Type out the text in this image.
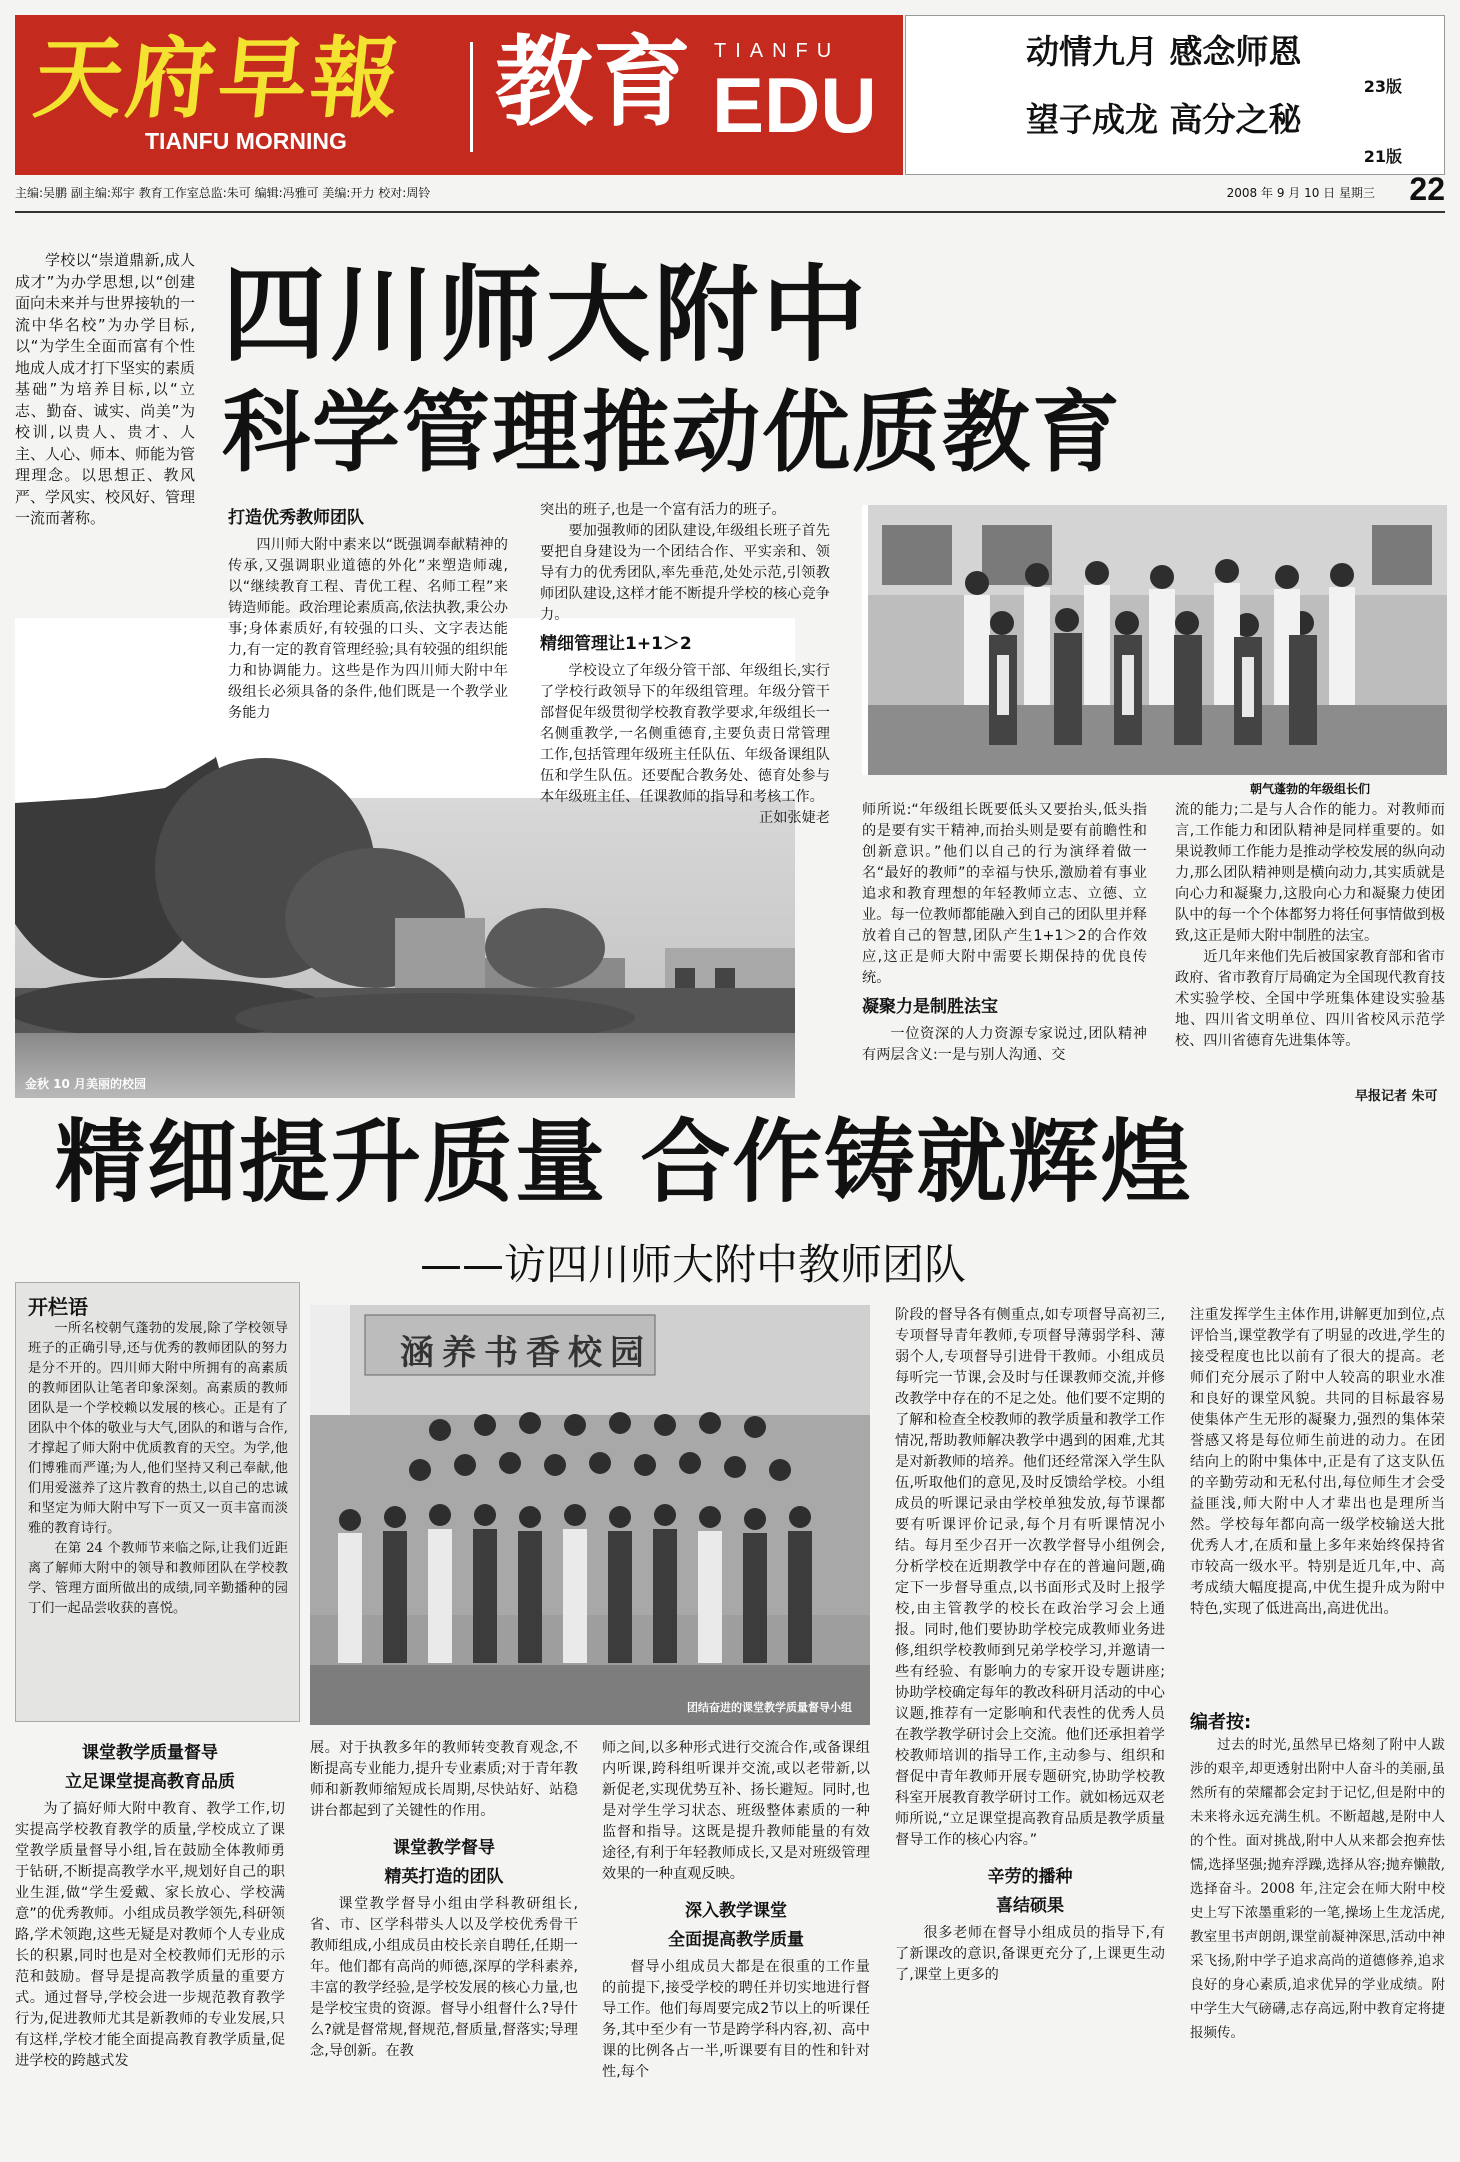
天府早報
TIANFU MORNING
教育 TIANFU
EDU
动情九月 感念师恩
23版
望子成龙 高分之秘
21版
主编:吴鹏 副主编:郑宇 教育工作室总监:朱可 编辑:冯雅可 美编:开力 校对:周铃	2008 年 9 月 10 日 星期三 22

学校以“崇道鼎新,成人成才”为办学思想,以“创建面向未来并与世界接轨的一流中华名校”为办学目标,以“为学生全面而富有个性地成人成才打下坚实的素质基础”为培养目标,以“立志、勤奋、诚实、尚美”为校训,以贵人、贵才、人主、人心、师本、师能为管理理念。以思想正、教风严、学风实、校风好、管理一流而著称。

四川师大附中
科学管理推动优质教育
金秋 10 月美丽的校园
打造优秀教师团队

四川师大附中素来以“既强调奉献精神的传承,又强调职业道德的外化”来塑造师魂,以“继续教育工程、青优工程、名师工程”来铸造师能。政治理论素质高,依法执教,秉公办事;身体素质好,有较强的口头、文字表达能力,有一定的教育管理经验;具有较强的组织能力和协调能力。这些是作为四川师大附中年级组长必须具备的条件,他们既是一个教学业务能力

突出的班子,也是一个富有活力的班子。

要加强教师的团队建设,年级组长班子首先要把自身建设为一个团结合作、平实亲和、领导有力的优秀团队,率先垂范,处处示范,引领教师团队建设,这样才能不断提升学校的核心竞争力。

精细管理让1+1＞2

学校设立了年级分管干部、年级组长,实行了学校行政领导下的年级组管理。年级分管干部督促年级贯彻学校教育教学要求,年级组长一名侧重教学,一名侧重德育,主要负责日常管理工作,包括管理年级班主任队伍、年级备课组队伍和学生队伍。还要配合教务处、德育处参与本年级班主任、任课教师的指导和考核工作。

正如张婕老

朝气蓬勃的年级组长们

师所说:“年级组长既要低头又要抬头,低头指的是要有实干精神,而抬头则是要有前瞻性和创新意识。”他们以自己的行为演绎着做一名“最好的教师”的幸福与快乐,激励着有事业追求和教育理想的年轻教师立志、立德、立业。每一位教师都能融入到自己的团队里并释放着自己的智慧,团队产生1+1＞2的合作效应,这正是师大附中需要长期保持的优良传统。

凝聚力是制胜法宝

一位资深的人力资源专家说过,团队精神有两层含义:一是与别人沟通、交

流的能力;二是与人合作的能力。对教师而言,工作能力和团队精神是同样重要的。如果说教师工作能力是推动学校发展的纵向动力,那么团队精神则是横向动力,其实质就是向心力和凝聚力,这股向心力和凝聚力使团队中的每一个个体都努力将任何事情做到极致,这正是师大附中制胜的法宝。

近几年来他们先后被国家教育部和省市政府、省市教育厅局确定为全国现代教育技术实验学校、全国中学班集体建设实验基地、四川省文明单位、四川省校风示范学校、四川省德育先进集体等。

早报记者 朱可
精细提升质量 合作铸就辉煌
——访四川师大附中教师团队
开栏语

一所名校朝气蓬勃的发展,除了学校领导班子的正确引导,还与优秀的教师团队的努力是分不开的。四川师大附中所拥有的高素质的教师团队让笔者印象深刻。高素质的教师团队是一个学校赖以发展的核心。正是有了团队中个体的敬业与大气,团队的和谐与合作,才撑起了师大附中优质教育的天空。为学,他们博雅而严谨;为人,他们坚持又利己奉献,他们用爱滋养了这片教育的热土,以自己的忠诚和坚定为师大附中写下一页又一页丰富而淡雅的教育诗行。

在第 24 个教师节来临之际,让我们近距离了解师大附中的领导和教师团队在学校教学、管理方面所做出的成绩,同辛勤播种的园丁们一起品尝收获的喜悦。

涵养书香校园
团结奋进的课堂教学质量督导小组
课堂教学质量督导
立足课堂提高教育品质

为了搞好师大附中教育、教学工作,切实提高学校教育教学的质量,学校成立了课堂教学质量督导小组,旨在鼓励全体教师勇于钻研,不断提高教学水平,规划好自己的职业生涯,做“学生爱戴、家长放心、学校满意”的优秀教师。小组成员教学领先,科研领路,学术领跑,这些无疑是对教师个人专业成长的积累,同时也是对全校教师们无形的示范和鼓励。督导是提高教学质量的重要方式。通过督导,学校会进一步规范教育教学行为,促进教师尤其是新教师的专业发展,只有这样,学校才能全面提高教育教学质量,促进学校的跨越式发

展。对于执教多年的教师转变教育观念,不断提高专业能力,提升专业素质;对于青年教师和新教师缩短成长周期,尽快站好、站稳讲台都起到了关键性的作用。

课堂教学督导
精英打造的团队

课堂教学督导小组由学科教研组长,省、市、区学科带头人以及学校优秀骨干教师组成,小组成员由校长亲自聘任,任期一年。他们都有高尚的师德,深厚的学科素养,丰富的教学经验,是学校发展的核心力量,也是学校宝贵的资源。督导小组督什么?导什么?就是督常规,督规范,督质量,督落实;导理念,导创新。在教

师之间,以多种形式进行交流合作,或备课组内听课,跨科组听课并交流,或以老带新,以新促老,实现优势互补、扬长避短。同时,也是对学生学习状态、班级整体素质的一种监督和指导。这既是提升教师能量的有效途径,有利于年轻教师成长,又是对班级管理效果的一种直观反映。

深入教学课堂
全面提高教学质量

督导小组成员大都是在很重的工作量的前提下,接受学校的聘任并切实地进行督导工作。他们每周要完成2节以上的听课任务,其中至少有一节是跨学科内容,初、高中课的比例各占一半,听课要有目的性和针对性,每个

阶段的督导各有侧重点,如专项督导高初三,专项督导青年教师,专项督导薄弱学科、薄弱个人,专项督导引进骨干教师。小组成员每听完一节课,会及时与任课教师交流,并修改教学中存在的不足之处。他们要不定期的了解和检查全校教师的教学质量和教学工作情况,帮助教师解决教学中遇到的困难,尤其是对新教师的培养。他们还经常深入学生队伍,听取他们的意见,及时反馈给学校。小组成员的听课记录由学校单独发放,每节课都要有听课评价记录,每个月有听课情况小结。每月至少召开一次教学督导小组例会,分析学校在近期教学中存在的普遍问题,确定下一步督导重点,以书面形式及时上报学校,由主管教学的校长在政治学习会上通报。同时,他们要协助学校完成教师业务进修,组织学校教师到兄弟学校学习,并邀请一些有经验、有影响力的专家开设专题讲座;协助学校确定每年的教改科研月活动的中心议题,推荐有一定影响和代表性的优秀人员在教学教学研讨会上交流。他们还承担着学校教师培训的指导工作,主动参与、组织和督促中青年教师开展专题研究,协助学校教科室开展教育教学研讨工作。就如杨远双老师所说,“立足课堂提高教育品质是教学质量督导工作的核心内容。”

辛劳的播种
喜结硕果

很多老师在督导小组成员的指导下,有了新课改的意识,备课更充分了,上课更生动了,课堂上更多的

注重发挥学生主体作用,讲解更加到位,点评恰当,课堂教学有了明显的改进,学生的接受程度也比以前有了很大的提高。老师们充分展示了附中人较高的职业水准和良好的课堂风貌。共同的目标最容易使集体产生无形的凝聚力,强烈的集体荣誉感又将是每位师生前进的动力。在团结向上的附中集体中,正是有了这支队伍的辛勤劳动和无私付出,每位师生才会受益匪浅,师大附中人才辈出也是理所当然。学校每年都向高一级学校输送大批优秀人才,在质和量上多年来始终保持省市较高一级水平。特别是近几年,中、高考成绩大幅度提高,中优生提升成为附中特色,实现了低进高出,高进优出。

编者按:

过去的时光,虽然早已烙刻了附中人跋涉的艰辛,却更透射出附中人奋斗的美丽,虽然所有的荣耀都会定封于记忆,但是附中的未来将永远充满生机。不断超越,是附中人的个性。面对挑战,附中人从来都会抱弃怯懦,选择坚强;抛弃浮躁,选择从容;抛弃懒散,选择奋斗。2008 年,注定会在师大附中校史上写下浓墨重彩的一笔,操场上生龙活虎,教室里书声朗朗,课堂前凝神深思,活动中神采飞扬,附中学子追求高尚的道德修养,追求良好的身心素质,追求优异的学业成绩。附中学生大气磅礴,志存高远,附中教育定将捷报频传。
